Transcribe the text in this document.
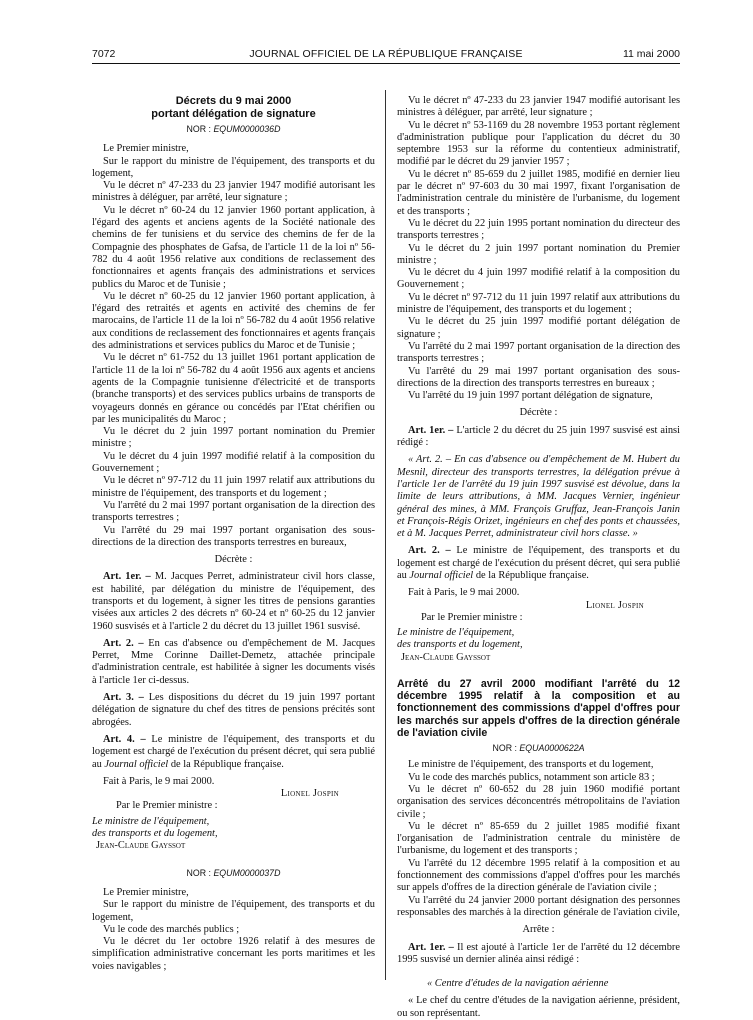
7072	JOURNAL OFFICIEL DE LA RÉPUBLIQUE FRANÇAISE	11 mai 2000

Décrets du 9 mai 2000

portant délégation de signature

NOR : EQUM0000036D

Le Premier ministre,

Sur le rapport du ministre de l'équipement, des transports et du logement,

Vu le décret nº 47-233 du 23 janvier 1947 modifié autorisant les ministres à déléguer, par arrêté, leur signature ;

Vu le décret nº 60-24 du 12 janvier 1960 portant application, à l'égard des agents et anciens agents de la Société nationale des chemins de fer tunisiens et du service des chemins de fer de la Compagnie des phosphates de Gafsa, de l'article 11 de la loi nº 56-782 du 4 août 1956 relative aux conditions de reclassement des fonctionnaires et agents français des administrations et services publics du Maroc et de Tunisie ;

Vu le décret nº 60-25 du 12 janvier 1960 portant application, à l'égard des retraités et agents en activité des chemins de fer marocains, de l'article 11 de la loi nº 56-782 du 4 août 1956 relative aux conditions de reclassement des fonctionnaires et agents français des administrations et services publics du Maroc et de Tunisie ;

Vu le décret nº 61-752 du 13 juillet 1961 portant application de l'article 11 de la loi nº 56-782 du 4 août 1956 aux agents et anciens agents de la Compagnie tunisienne d'électricité et de transports (branche transports) et des services publics urbains de transports de voyageurs donnés en gérance ou concédés par l'Etat chérifien ou par les municipalités du Maroc ;

Vu le décret du 2 juin 1997 portant nomination du Premier ministre ;

Vu le décret du 4 juin 1997 modifié relatif à la composition du Gouvernement ;

Vu le décret nº 97-712 du 11 juin 1997 relatif aux attributions du ministre de l'équipement, des transports et du logement ;

Vu l'arrêté du 2 mai 1997 portant organisation de la direction des transports terrestres ;

Vu l'arrêté du 29 mai 1997 portant organisation des sous-directions de la direction des transports terrestres en bureaux,

Décrète :

Art. 1er. – M. Jacques Perret, administrateur civil hors classe, est habilité, par délégation du ministre de l'équipement, des transports et du logement, à signer les titres de pensions garanties visées aux articles 2 des décrets nº 60-24 et nº 60-25 du 12 janvier 1960 susvisés et à l'article 2 du décret du 13 juillet 1961 susvisé.

Art. 2. – En cas d'absence ou d'empêchement de M. Jacques Perret, Mme Corinne Daillet-Demetz, attachée principale d'administration centrale, est habilitée à signer les documents visés à l'article 1er ci-dessus.

Art. 3. – Les dispositions du décret du 19 juin 1997 portant délégation de signature du chef des titres de pensions précités sont abrogées.

Art. 4. – Le ministre de l'équipement, des transports et du logement est chargé de l'exécution du présent décret, qui sera publié au Journal officiel de la République française.

Fait à Paris, le 9 mai 2000.

Lionel Jospin

Par le Premier ministre :

Le ministre de l'équipement,

des transports et du logement,

Jean-Claude Gayssot

NOR : EQUM0000037D

Le Premier ministre,

Sur le rapport du ministre de l'équipement, des transports et du logement,

Vu le code des marchés publics ;

Vu le décret du 1er octobre 1926 relatif à des mesures de simplification administrative concernant les ports maritimes et les voies navigables ;

Vu le décret nº 47-233 du 23 janvier 1947 modifié autorisant les ministres à déléguer, par arrêté, leur signature ;

Vu le décret nº 53-1169 du 28 novembre 1953 portant règlement d'administration publique pour l'application du décret du 30 septembre 1953 sur la réforme du contentieux administratif, modifié par le décret du 29 janvier 1957 ;

Vu le décret nº 85-659 du 2 juillet 1985, modifié en dernier lieu par le décret nº 97-603 du 30 mai 1997, fixant l'organisation de l'administration centrale du ministère de l'urbanisme, du logement et des transports ;

Vu le décret du 22 juin 1995 portant nomination du directeur des transports terrestres ;

Vu le décret du 2 juin 1997 portant nomination du Premier ministre ;

Vu le décret du 4 juin 1997 modifié relatif à la composition du Gouvernement ;

Vu le décret nº 97-712 du 11 juin 1997 relatif aux attributions du ministre de l'équipement, des transports et du logement ;

Vu le décret du 25 juin 1997 modifié portant délégation de signature ;

Vu l'arrêté du 2 mai 1997 portant organisation de la direction des transports terrestres ;

Vu l'arrêté du 29 mai 1997 portant organisation des sous-directions de la direction des transports terrestres en bureaux ;

Vu l'arrêté du 19 juin 1997 portant délégation de signature,

Décrète :

Art. 1er. – L'article 2 du décret du 25 juin 1997 susvisé est ainsi rédigé :

« Art. 2. – En cas d'absence ou d'empêchement de M. Hubert du Mesnil, directeur des transports terrestres, la délégation prévue à l'article 1er de l'arrêté du 19 juin 1997 susvisé est dévolue, dans la limite de leurs attributions, à MM. Jacques Vernier, ingénieur général des mines, à MM. François Gruffaz, Jean-François Janin et François-Régis Orizet, ingénieurs en chef des ponts et chaussées, et à M. Jacques Perret, administrateur civil hors classe. »

Art. 2. – Le ministre de l'équipement, des transports et du logement est chargé de l'exécution du présent décret, qui sera publié au Journal officiel de la République française.

Fait à Paris, le 9 mai 2000.

Lionel Jospin

Par le Premier ministre :

Le ministre de l'équipement,

des transports et du logement,

Jean-Claude Gayssot

Arrêté du 27 avril 2000 modifiant l'arrêté du 12 décembre 1995 relatif à la composition et au fonctionnement des commissions d'appel d'offres pour les marchés sur appels d'offres de la direction générale de l'aviation civile

NOR : EQUA0000622A

Le ministre de l'équipement, des transports et du logement,

Vu le code des marchés publics, notamment son article 83 ;

Vu le décret nº 60-652 du 28 juin 1960 modifié portant organisation des services déconcentrés métropolitains de l'aviation civile ;

Vu le décret nº 85-659 du 2 juillet 1985 modifié fixant l'organisation de l'administration centrale du ministère de l'urbanisme, du logement et des transports ;

Vu l'arrêté du 12 décembre 1995 relatif à la composition et au fonctionnement des commissions d'appel d'offres pour les marchés sur appels d'offres de la direction générale de l'aviation civile ;

Vu l'arrêté du 24 janvier 2000 portant désignation des personnes responsables des marchés à la direction générale de l'aviation civile,

Arrête :

Art. 1er. – Il est ajouté à l'article 1er de l'arrêté du 12 décembre 1995 susvisé un dernier alinéa ainsi rédigé :

« Centre d'études de la navigation aérienne

« Le chef du centre d'études de la navigation aérienne, président, ou son représentant.
